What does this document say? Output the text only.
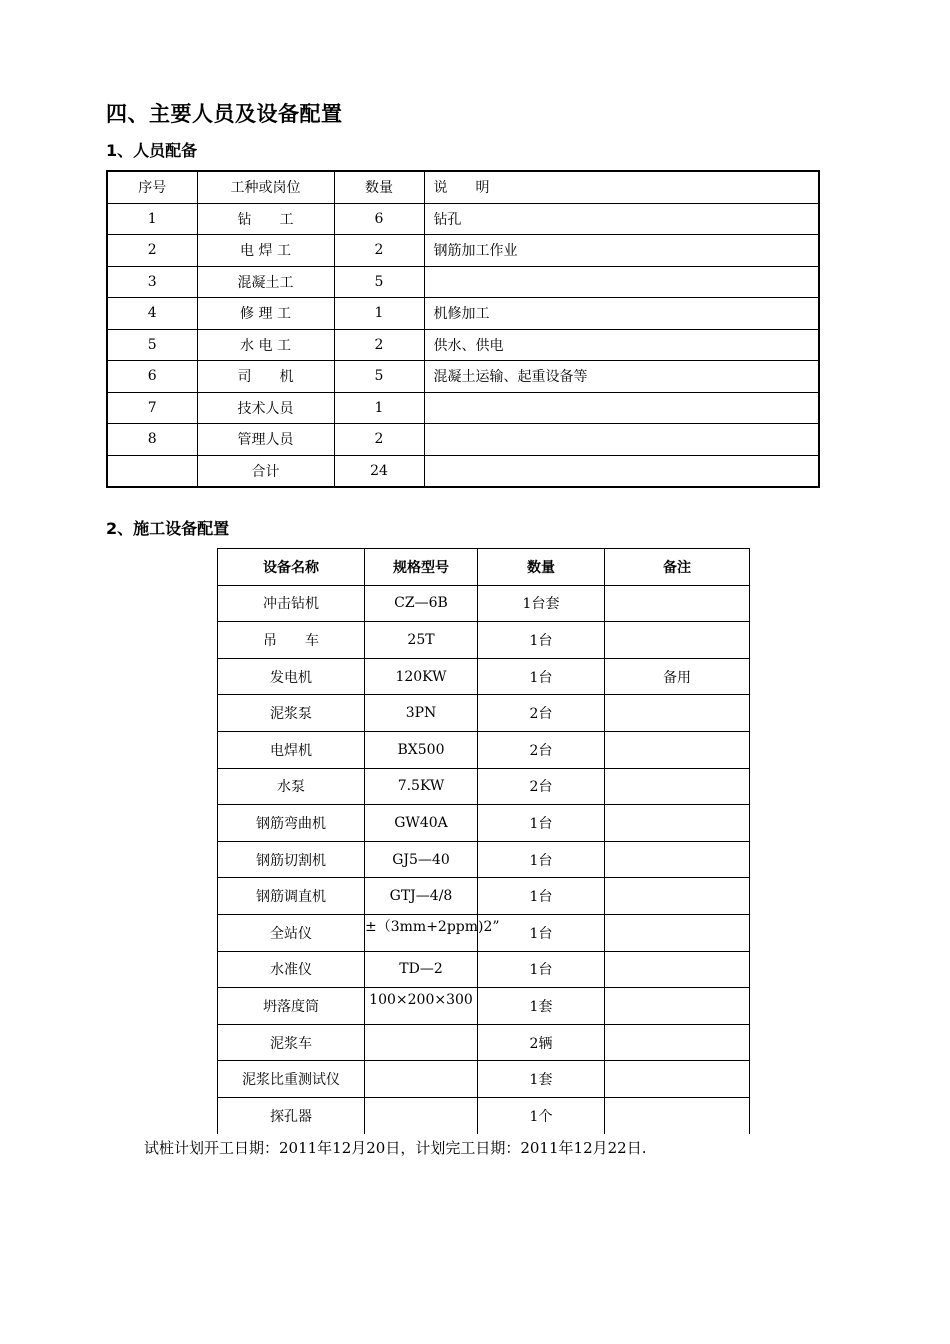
四、主要人员及设备配置
1、人员配备
序号	工种或岗位	数量	说　　明
1	钻　　工	6	钻孔
2	电 焊 工	2	钢筋加工作业
3	混凝土工	5	
4	修 理 工	1	机修加工
5	水 电 工	2	供水、供电
6	司　　机	5	混凝土运输、起重设备等
7	技术人员	1	
8	管理人员	2	
	合计	24	
2、施工设备配置
设备名称	规格型号	数量	备注
冲击钻机	CZ—6B	1台套	
吊　　车	25T	1台	
发电机	120KW	1台	备用
泥浆泵	3PN	2台	
电焊机	BX500	2台	
水泵	7.5KW	2台	
钢筋弯曲机	GW40A	1台	
钢筋切割机	GJ5—40	1台	
钢筋调直机	GTJ—4/8	1台	
全站仪	±（3mm+2ppm)2”	1台	
水准仪	TD—2	1台	
坍落度筒	100×200×300	1套	
泥浆车		2辆	
泥浆比重测试仪		1套	
探孔器		1个	
试桩计划开工日期：2011年12月20日，计划完工日期：2011年12月22日.
